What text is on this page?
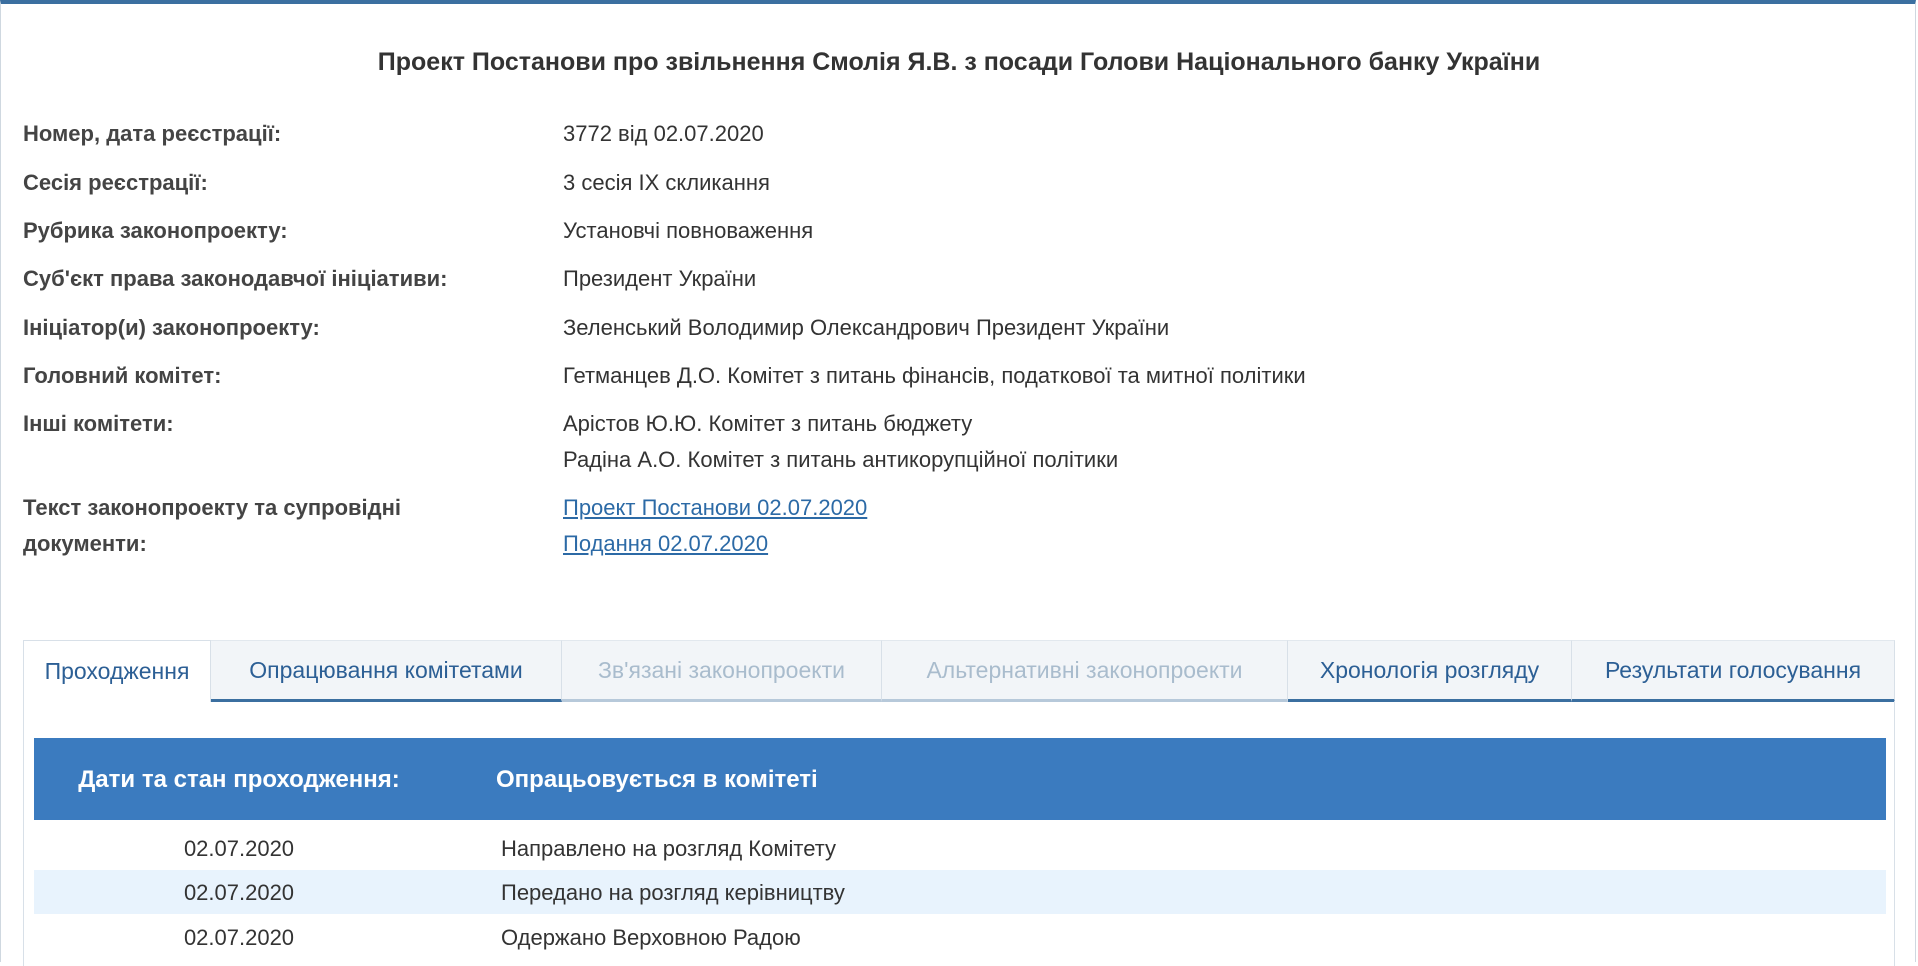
Проект Постанови про звільнення Смолія Я.В. з посади Голови Національного банку України
Номер, дата реєстрації:	3772 від 02.07.2020
Сесія реєстрації:	3 сесія IX скликання
Рубрика законопроекту:	Установчі повноваження
Суб'єкт права законодавчої ініціативи:	Президент України
Ініціатор(и) законопроекту:	Зеленський Володимир Олександрович Президент України
Головний комітет:	Гетманцев Д.О. Комітет з питань фінансів, податкової та митної політики
Інші комітети:	Арістов Ю.Ю. Комітет з питань бюджету
Радіна А.О. Комітет з питань антикорупційної політики
Текст законопроекту та супровідні
документи:
Проект Постанови 02.07.2020
Подання 02.07.2020
Проходження	Опрацювання комітетами	Зв'язані законопроекти	Альтернативні законопроекти	Хронологія розгляду	Результати голосування
Дати та стан проходження:	Опрацьовується в комітеті
02.07.2020	Направлено на розгляд Комітету
02.07.2020	Передано на розгляд керівництву
02.07.2020	Одержано Верховною Радою
